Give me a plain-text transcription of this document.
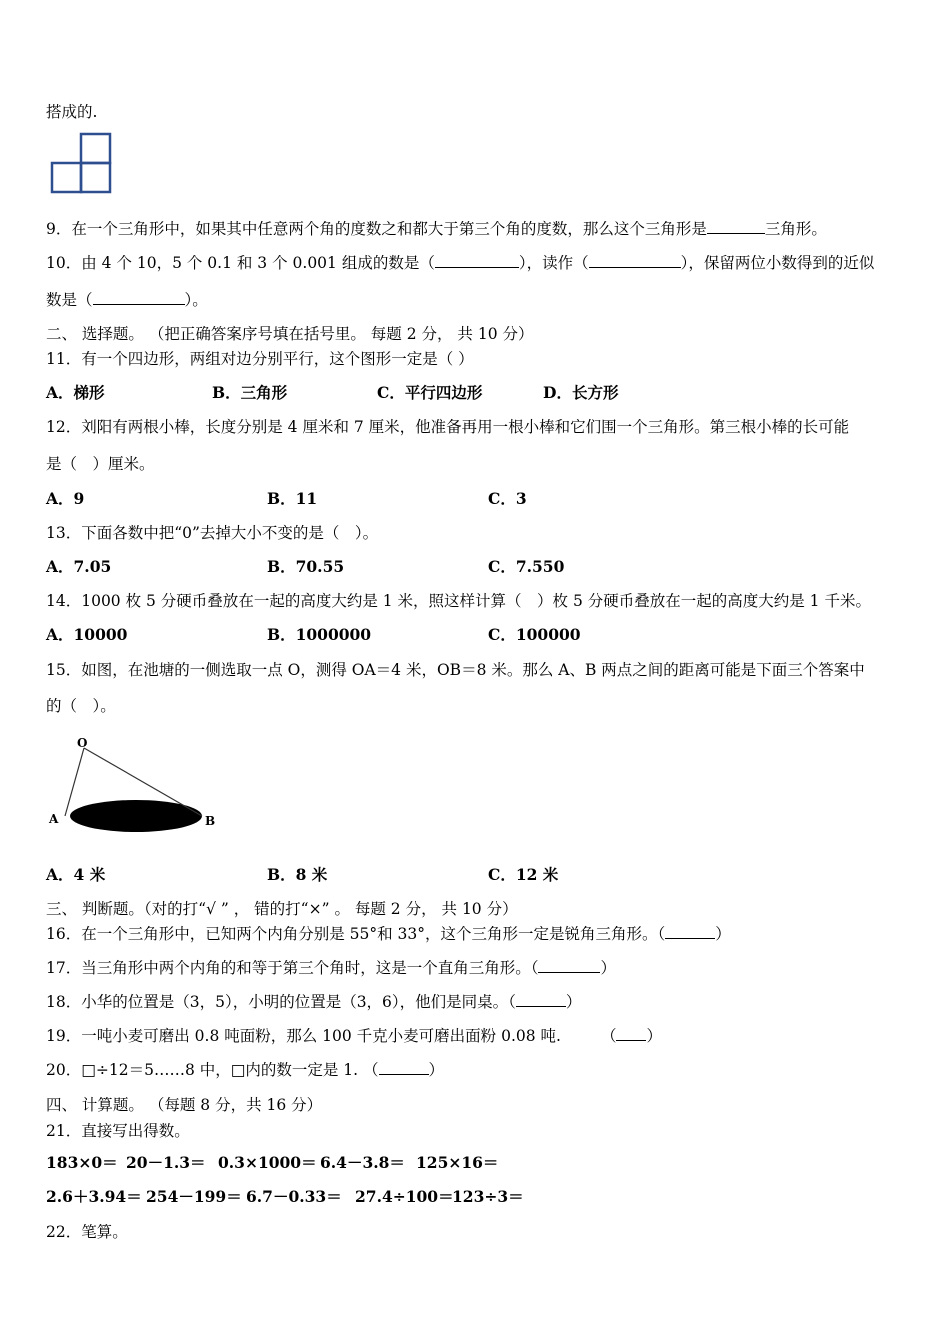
搭成的.
9．在一个三角形中，如果其中任意两个角的度数之和都大于第三个角的度数，那么这个三角形是	三角形。
10．由 4 个 10，5 个 0.1 和 3 个 0.001 组成的数是（	），读作（	），保留两位小数得到的近似
数是（	）。
二、 选择题。 （把正确答案序号填在括号里。 每题 2 分， 共 10 分）
11．有一个四边形，两组对边分别平行，这个图形一定是（ ）
A．梯形	B．三角形	C．平行四边形	D．长方形
12．刘阳有两根小棒，长度分别是 4 厘米和 7 厘米，他准备再用一根小棒和它们围一个三角形。第三根小棒的长可能
是（　）厘米。
A．9	B．11	C．3
13．下面各数中把“0”去掉大小不变的是（　）。
A．7.05	B．70.55	C．7.550
14．1000 枚 5 分硬币叠放在一起的高度大约是 1 米，照这样计算（　）枚 5 分硬币叠放在一起的高度大约是 1 千米。
A．10000	B．1000000	C．100000
15．如图，在池塘的一侧选取一点 O，测得 OA＝4 米，OB＝8 米。那么 A、B 两点之间的距离可能是下面三个答案中
的（　）。
O
A	B
A．4 米	B．8 米	C．12 米
三、 判断题。（对的打“√ ” ， 错的打“×” 。 每题 2 分， 共 10 分）
16．在一个三角形中，已知两个内角分别是 55°和 33°，这个三角形一定是锐角三角形。（	）
17．当三角形中两个内角的和等于第三个角时，这是一个直角三角形。（	）
18．小华的位置是（3，5），小明的位置是（3，6），他们是同桌。（	）
19．一吨小麦可磨出 0.8 吨面粉，那么 100 千克小麦可磨出面粉 0.08 吨.	（ ）
20．□÷12＝5……8 中，□内的数一定是 1. （	）
四、 计算题。 （每题 8 分，共 16 分）
21．直接写出得数。
183×0＝ 20－1.3＝ 0.3×1000＝ 6.4－3.8＝ 125×16＝
2.6＋3.94＝ 254－199＝ 6.7－0.33＝ 27.4÷100＝
123÷3＝
22．笔算。
